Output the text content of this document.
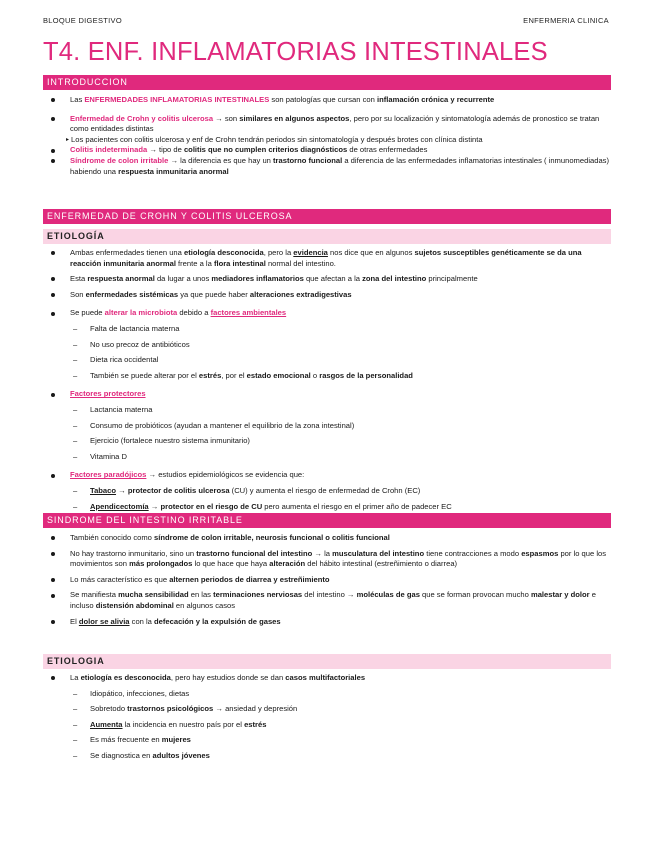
BLOQUE DIGESTIVO	ENFERMERIA CLINICA
T4. ENF. INFLAMATORIAS INTESTINALES
INTRODUCCION
Las ENFERMEDADES INFLAMATORIAS INTESTINALES son patologías que cursan con inflamación crónica y recurrente
Enfermedad de Crohn y colitis ulcerosa → son similares en algunos aspectos, pero por su localización y sintomatología además de pronostico se tratan como entidades distintas
▸ Los pacientes con colitis ulcerosa y enf de Crohn tendrán periodos sin sintomatología y después brotes con clínica distinta
Colitis indeterminada → tipo de colitis que no cumplen criterios diagnósticos de otras enfermedades
Síndrome de colon irritable → la diferencia es que hay un trastorno funcional a diferencia de las enfermedades inflamatorias intestinales ( inmunomediadas) habiendo una respuesta inmunitaria anormal
ENFERMEDAD DE CROHN Y COLITIS ULCEROSA
ETIOLOGÍA
Ambas enfermedades tienen una etiología desconocida, pero la evidencia nos dice que en algunos sujetos susceptibles genéticamente se da una reacción inmunitaria anormal frente a la flora intestinal normal del intestino.
Esta respuesta anormal da lugar a unos mediadores inflamatorios que afectan a la zona del intestino principalmente
Son enfermedades sistémicas ya que puede haber alteraciones extradigestivas
Se puede alterar la microbiota debido a factores ambientales
– Falta de lactancia materna
– No uso precoz de antibióticos
– Dieta rica occidental
– También se puede alterar por el estrés, por el estado emocional o rasgos de la personalidad
Factores protectores
– Lactancia materna
– Consumo de probióticos (ayudan a mantener el equilibrio de la zona intestinal)
– Ejercicio (fortalece nuestro sistema inmunitario)
– Vitamina D
Factores paradójicos → estudios epidemiológicos se evidencia que:
– Tabaco → protector de colitis ulcerosa (CU) y aumenta el riesgo de enfermedad de Crohn (EC)
– Apendicectomía → protector en el riesgo de CU pero aumenta el riesgo en el primer año de padecer EC
SINDROME DEL INTESTINO IRRITABLE
También conocido como síndrome de colon irritable, neurosis funcional o colitis funcional
No hay trastorno inmunitario, sino un trastorno funcional del intestino → la musculatura del intestino tiene contracciones a modo espasmos por lo que los movimientos son más prolongados lo que hace que haya alteración del hábito intestinal (estreñimiento o diarrea)
Lo más característico es que alternen periodos de diarrea y estreñimiento
Se manifiesta mucha sensibilidad en las terminaciones nerviosas del intestino → moléculas de gas que se forman provocan mucho malestar y dolor e incluso distensión abdominal en algunos casos
El dolor se alivia con la defecación y la expulsión de gases
ETIOLOGIA
La etiología es desconocida, pero hay estudios donde se dan casos multifactoriales
– Idiopático, infecciones, dietas
– Sobretodo trastornos psicológicos → ansiedad y depresión
– Aumenta la incidencia en nuestro país por el estrés
– Es más frecuente en mujeres
– Se diagnostica en adultos jóvenes
